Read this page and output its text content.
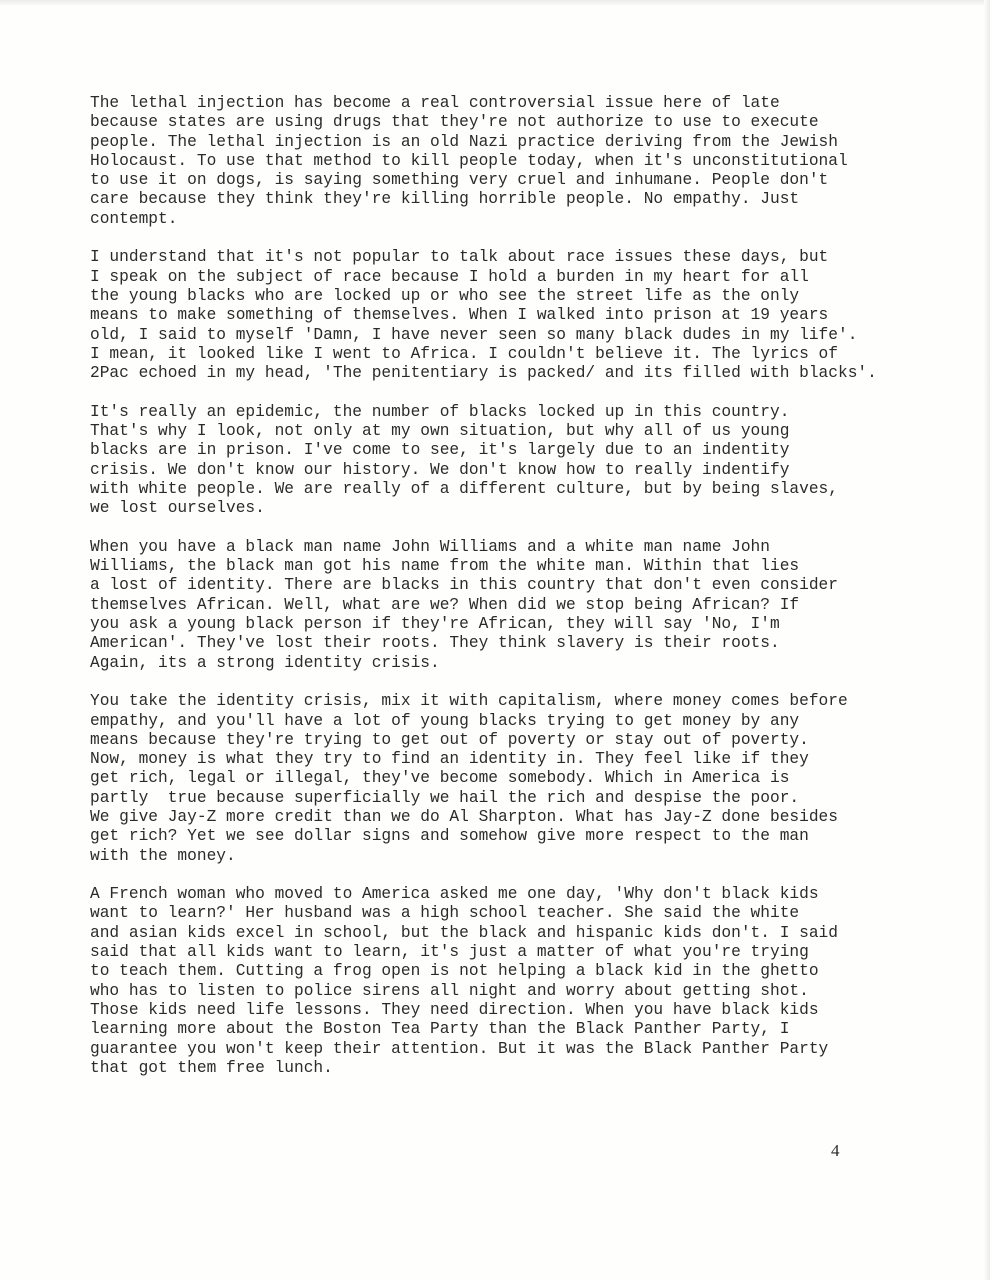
The lethal injection has become a real controversial issue here of late
because states are using drugs that they're not authorize to use to execute
people. The lethal injection is an old Nazi practice deriving from the Jewish
Holocaust. To use that method to kill people today, when it's unconstitutional
to use it on dogs, is saying something very cruel and inhumane. People don't
care because they think they're killing horrible people. No empathy. Just
contempt.

I understand that it's not popular to talk about race issues these days, but
I speak on the subject of race because I hold a burden in my heart for all
the young blacks who are locked up or who see the street life as the only
means to make something of themselves. When I walked into prison at 19 years
old, I said to myself 'Damn, I have never seen so many black dudes in my life'.
I mean, it looked like I went to Africa. I couldn't believe it. The lyrics of
2Pac echoed in my head, 'The penitentiary is packed/ and its filled with blacks'.

It's really an epidemic, the number of blacks locked up in this country.
That's why I look, not only at my own situation, but why all of us young
blacks are in prison. I've come to see, it's largely due to an indentity
crisis. We don't know our history. We don't know how to really indentify
with white people. We are really of a different culture, but by being slaves,
we lost ourselves.

When you have a black man name John Williams and a white man name John
Williams, the black man got his name from the white man. Within that lies
a lost of identity. There are blacks in this country that don't even consider
themselves African. Well, what are we? When did we stop being African? If
you ask a young black person if they're African, they will say 'No, I'm
American'. They've lost their roots. They think slavery is their roots.
Again, its a strong identity crisis.

You take the identity crisis, mix it with capitalism, where money comes before
empathy, and you'll have a lot of young blacks trying to get money by any
means because they're trying to get out of poverty or stay out of poverty.
Now, money is what they try to find an identity in. They feel like if they
get rich, legal or illegal, they've become somebody. Which in America is
partly  true because superficially we hail the rich and despise the poor.
We give Jay-Z more credit than we do Al Sharpton. What has Jay-Z done besides
get rich? Yet we see dollar signs and somehow give more respect to the man
with the money.

A French woman who moved to America asked me one day, 'Why don't black kids
want to learn?' Her husband was a high school teacher. She said the white
and asian kids excel in school, but the black and hispanic kids don't. I said
said that all kids want to learn, it's just a matter of what you're trying
to teach them. Cutting a frog open is not helping a black kid in the ghetto
who has to listen to police sirens all night and worry about getting shot.
Those kids need life lessons. They need direction. When you have black kids
learning more about the Boston Tea Party than the Black Panther Party, I
guarantee you won't keep their attention. But it was the Black Panther Party
that got them free lunch.

4
